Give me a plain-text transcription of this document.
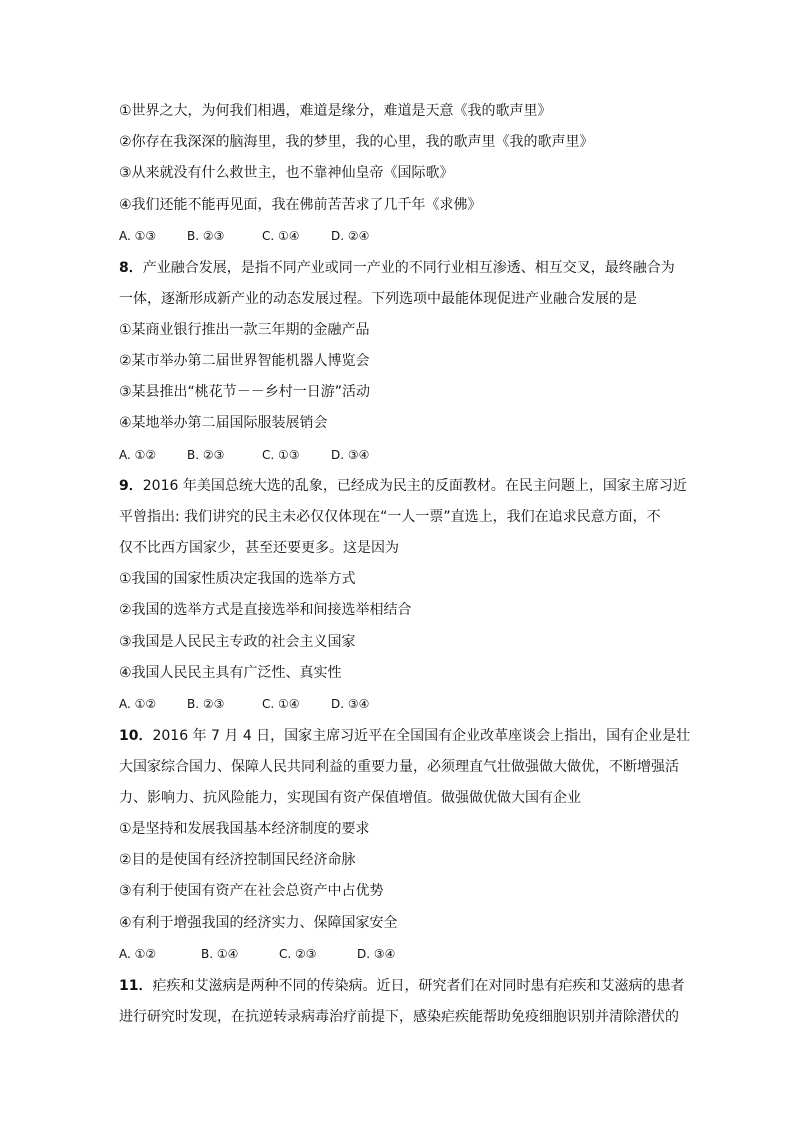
①世界之大，为何我们相遇，难道是缘分，难道是天意《我的歌声里》
②你存在我深深的脑海里，我的梦里，我的心里，我的歌声里《我的歌声里》
③从来就没有什么救世主，也不靠神仙皇帝《国际歌》
④我们还能不能再见面，我在佛前苦苦求了几千年《求佛》
A. ①③	B. ②③	C. ①④	D. ②④
8．产业融合发展，是指不同产业或同一产业的不同行业相互渗透、相互交叉，最终融合为
一体，逐渐形成新产业的动态发展过程。下列选项中最能体现促进产业融合发展的是
①某商业银行推出一款三年期的金融产品
②某市举办第二届世界智能机器人博览会
③某县推出“桃花节－－乡村一日游”活动
④某地举办第二届国际服装展销会
A. ①②	B. ②③	C. ①③	D. ③④
9．2016 年美国总统大选的乱象，已经成为民主的反面教材。在民主问题上，国家主席习近
平曾指出: 我们讲究的民主未必仅仅体现在“一人一票”直选上，我们在追求民意方面，不
仅不比西方国家少，甚至还要更多。这是因为
①我国的国家性质决定我国的选举方式
②我国的选举方式是直接选举和间接选举相结合
③我国是人民民主专政的社会主义国家
④我国人民民主具有广泛性、真实性
A. ①②	B. ②③	C. ①④	D. ③④
10．2016 年 7 月 4 日，国家主席习近平在全国国有企业改革座谈会上指出，国有企业是壮
大国家综合国力、保障人民共同利益的重要力量，必须理直气壮做强做大做优，不断增强活
力、影响力、抗风险能力，实现国有资产保值增值。做强做优做大国有企业
①是坚持和发展我国基本经济制度的要求
②目的是使国有经济控制国民经济命脉
③有利于使国有资产在社会总资产中占优势
④有利于增强我国的经济实力、保障国家安全
A. ①②	B. ①④	C. ②③	D. ③④
11．疟疾和艾滋病是两种不同的传染病。近日，研究者们在对同时患有疟疾和艾滋病的患者
进行研究时发现，在抗逆转录病毒治疗前提下，感染疟疾能帮助免疫细胞识别并清除潜伏的
